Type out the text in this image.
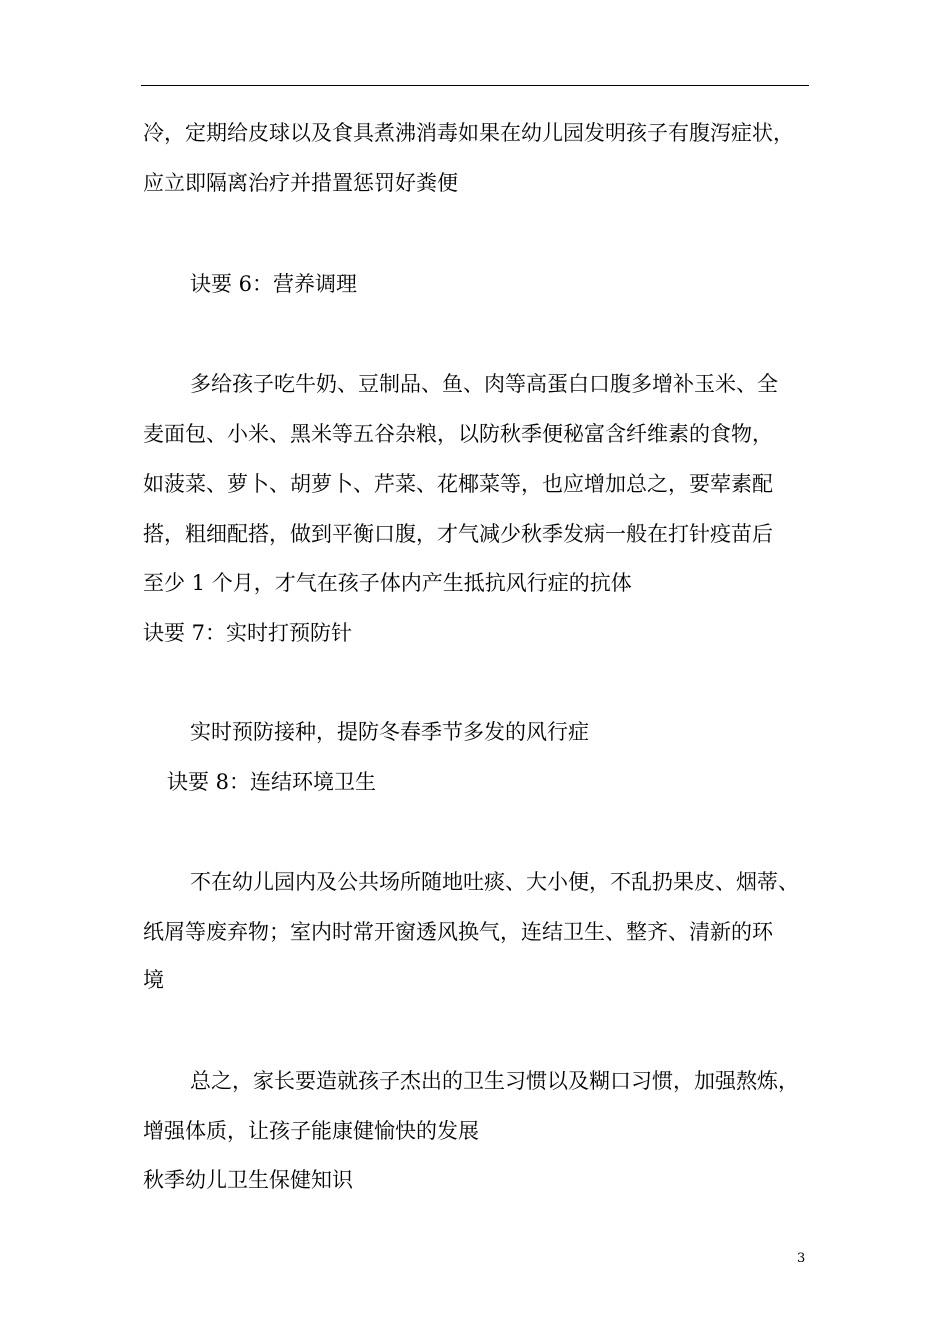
冷，定期给皮球以及食具煮沸消毒如果在幼儿园发明孩子有腹泻症状，
应立即隔离治疗并措置惩罚好粪便
诀要 6：营养调理
多给孩子吃牛奶、豆制品、鱼、肉等高蛋白口腹多增补玉米、全
麦面包、小米、黑米等五谷杂粮，以防秋季便秘富含纤维素的食物，
如菠菜、萝卜、胡萝卜、芹菜、花椰菜等，也应增加总之，要荤素配
搭，粗细配搭，做到平衡口腹，才气减少秋季发病一般在打针疫苗后
至少 1 个月，才气在孩子体内产生抵抗风行症的抗体
诀要 7：实时打预防针
实时预防接种，提防冬春季节多发的风行症
诀要 8：连结环境卫生
不在幼儿园内及公共场所随地吐痰、大小便，不乱扔果皮、烟蒂、
纸屑等废弃物；室内时常开窗透风换气，连结卫生、整齐、清新的环
境
总之，家长要造就孩子杰出的卫生习惯以及糊口习惯，加强熬炼，
增强体质，让孩子能康健愉快的发展
秋季幼儿卫生保健知识
3
